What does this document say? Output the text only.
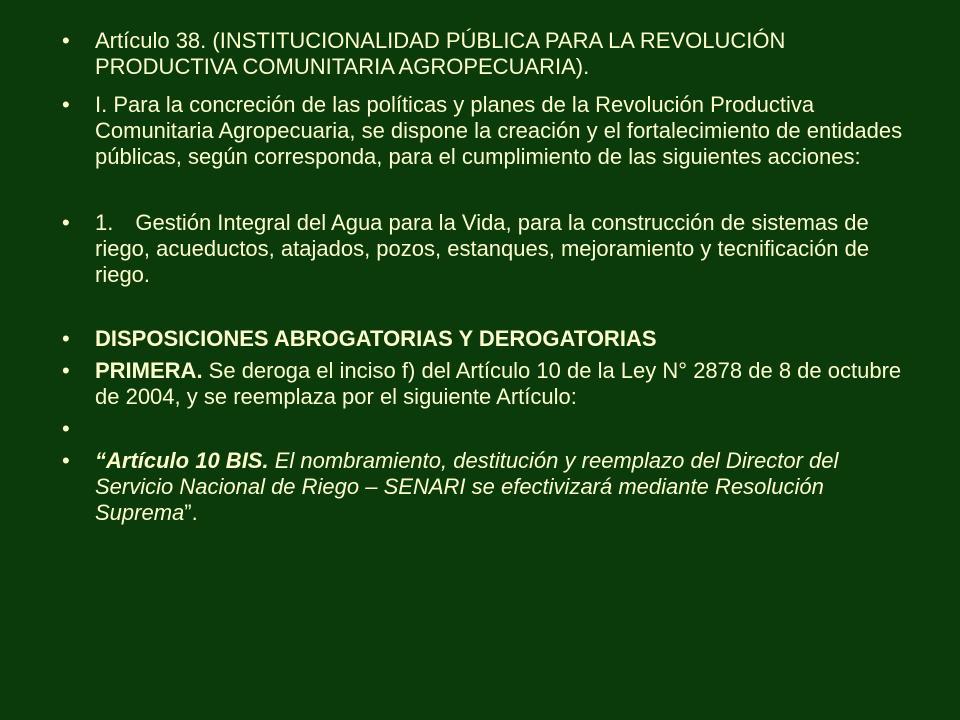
•	Artículo 38. (INSTITUCIONALIDAD PÚBLICA PARA LA REVOLUCIÓN PRODUCTIVA COMUNITARIA AGROPECUARIA).
•	I. Para la concreción de las políticas y planes de la Revolución Productiva Comunitaria Agropecuaria, se dispone la creación y el fortalecimiento de entidades públicas, según corresponda, para el cumplimiento de las siguientes acciones:
•	1. Gestión Integral del Agua para la Vida, para la construcción de sistemas de riego, acueductos, atajados, pozos, estanques, mejoramiento y tecnificación de riego.
•	DISPOSICIONES ABROGATORIAS Y DEROGATORIAS
•	PRIMERA. Se deroga el inciso f) del Artículo 10 de la Ley N° 2878 de 8 de octubre de 2004, y se reemplaza por el siguiente Artículo:
•

•	“Artículo 10 BIS. El nombramiento, destitución y reemplazo del Director del Servicio Nacional de Riego – SENARI se efectivizará mediante Resolución Suprema”.
